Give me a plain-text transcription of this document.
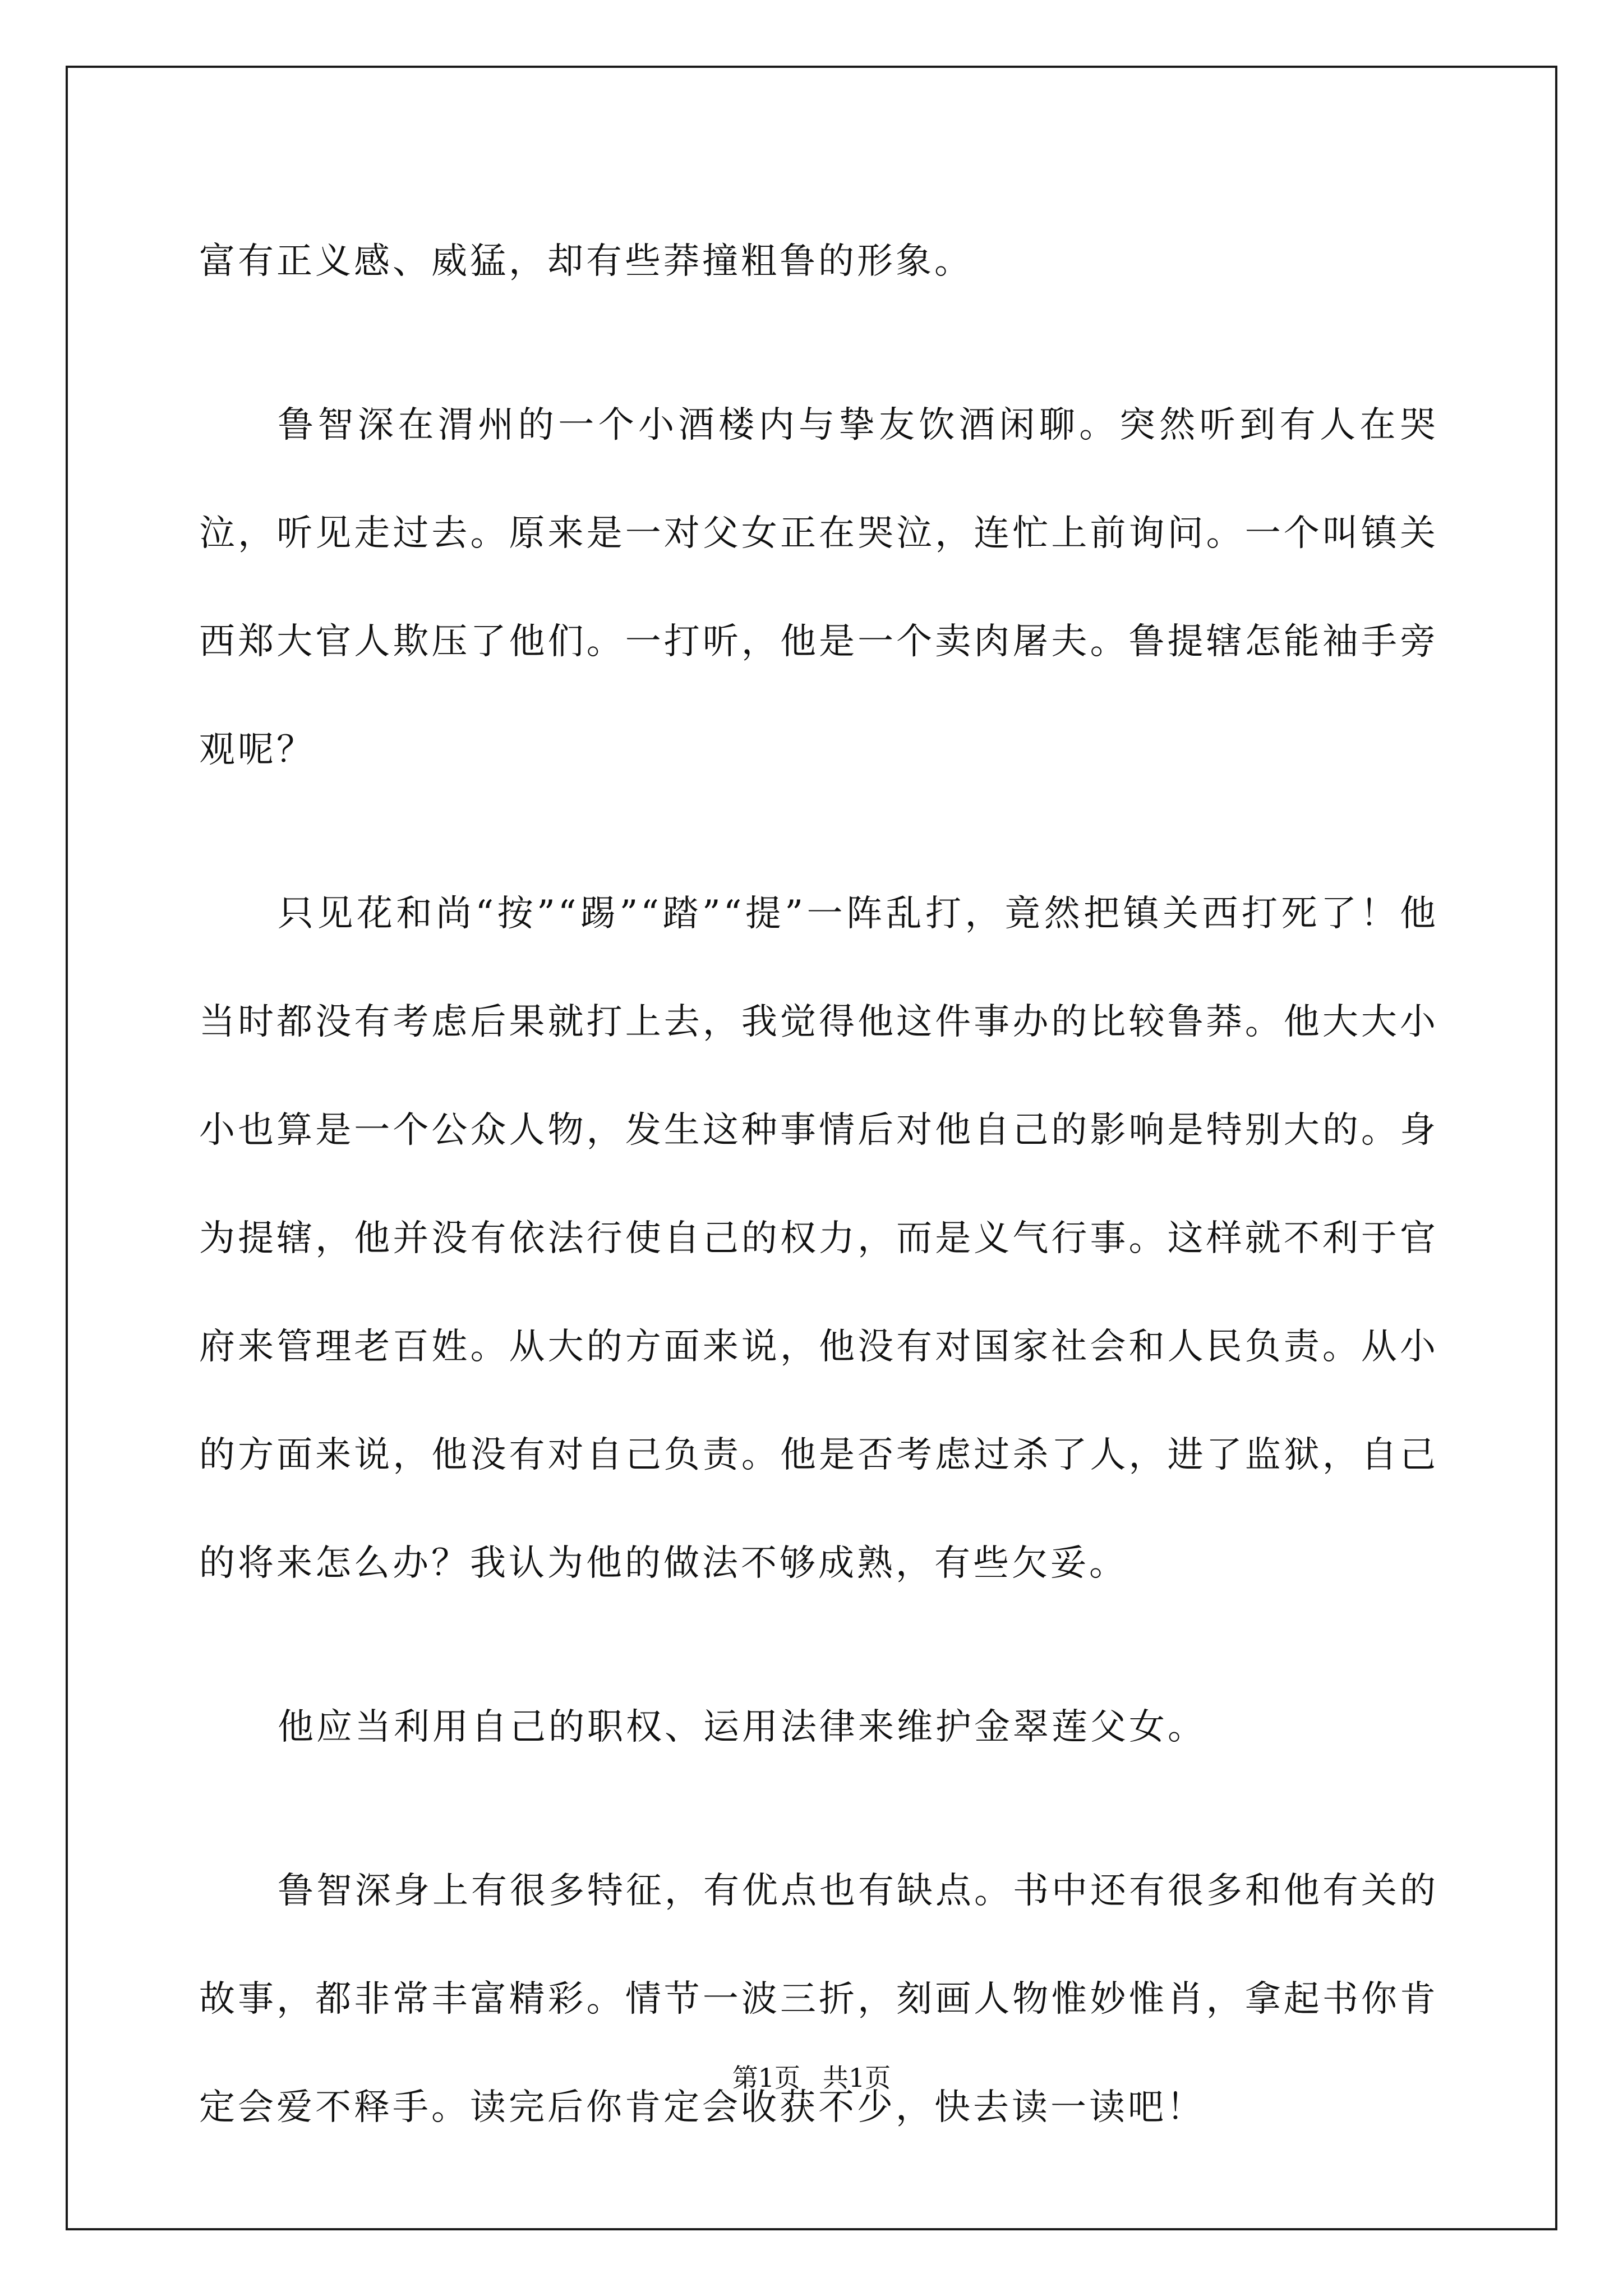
富有正义感、威猛，却有些莽撞粗鲁的形象。

鲁智深在渭州的一个小酒楼内与挚友饮酒闲聊。突然听到有人在哭泣，听见走过去。原来是一对父女正在哭泣，连忙上前询问。一个叫镇关西郑大官人欺压了他们。一打听，他是一个卖肉屠夫。鲁提辖怎能袖手旁观呢？

只见花和尚“按”“踢”“踏”“提”一阵乱打，竟然把镇关西打死了！他当时都没有考虑后果就打上去，我觉得他这件事办的比较鲁莽。他大大小小也算是一个公众人物，发生这种事情后对他自己的影响是特别大的。身为提辖，他并没有依法行使自己的权力，而是义气行事。这样就不利于官府来管理老百姓。从大的方面来说，他没有对国家社会和人民负责。从小的方面来说，他没有对自己负责。他是否考虑过杀了人，进了监狱，自己的将来怎么办？我认为他的做法不够成熟，有些欠妥。

他应当利用自己的职权、运用法律来维护金翠莲父女。

鲁智深身上有很多特征，有优点也有缺点。书中还有很多和他有关的故事，都非常丰富精彩。情节一波三折，刻画人物惟妙惟肖，拿起书你肯定会爱不释手。读完后你肯定会收获不少，快去读一读吧！

第1页 共1页
